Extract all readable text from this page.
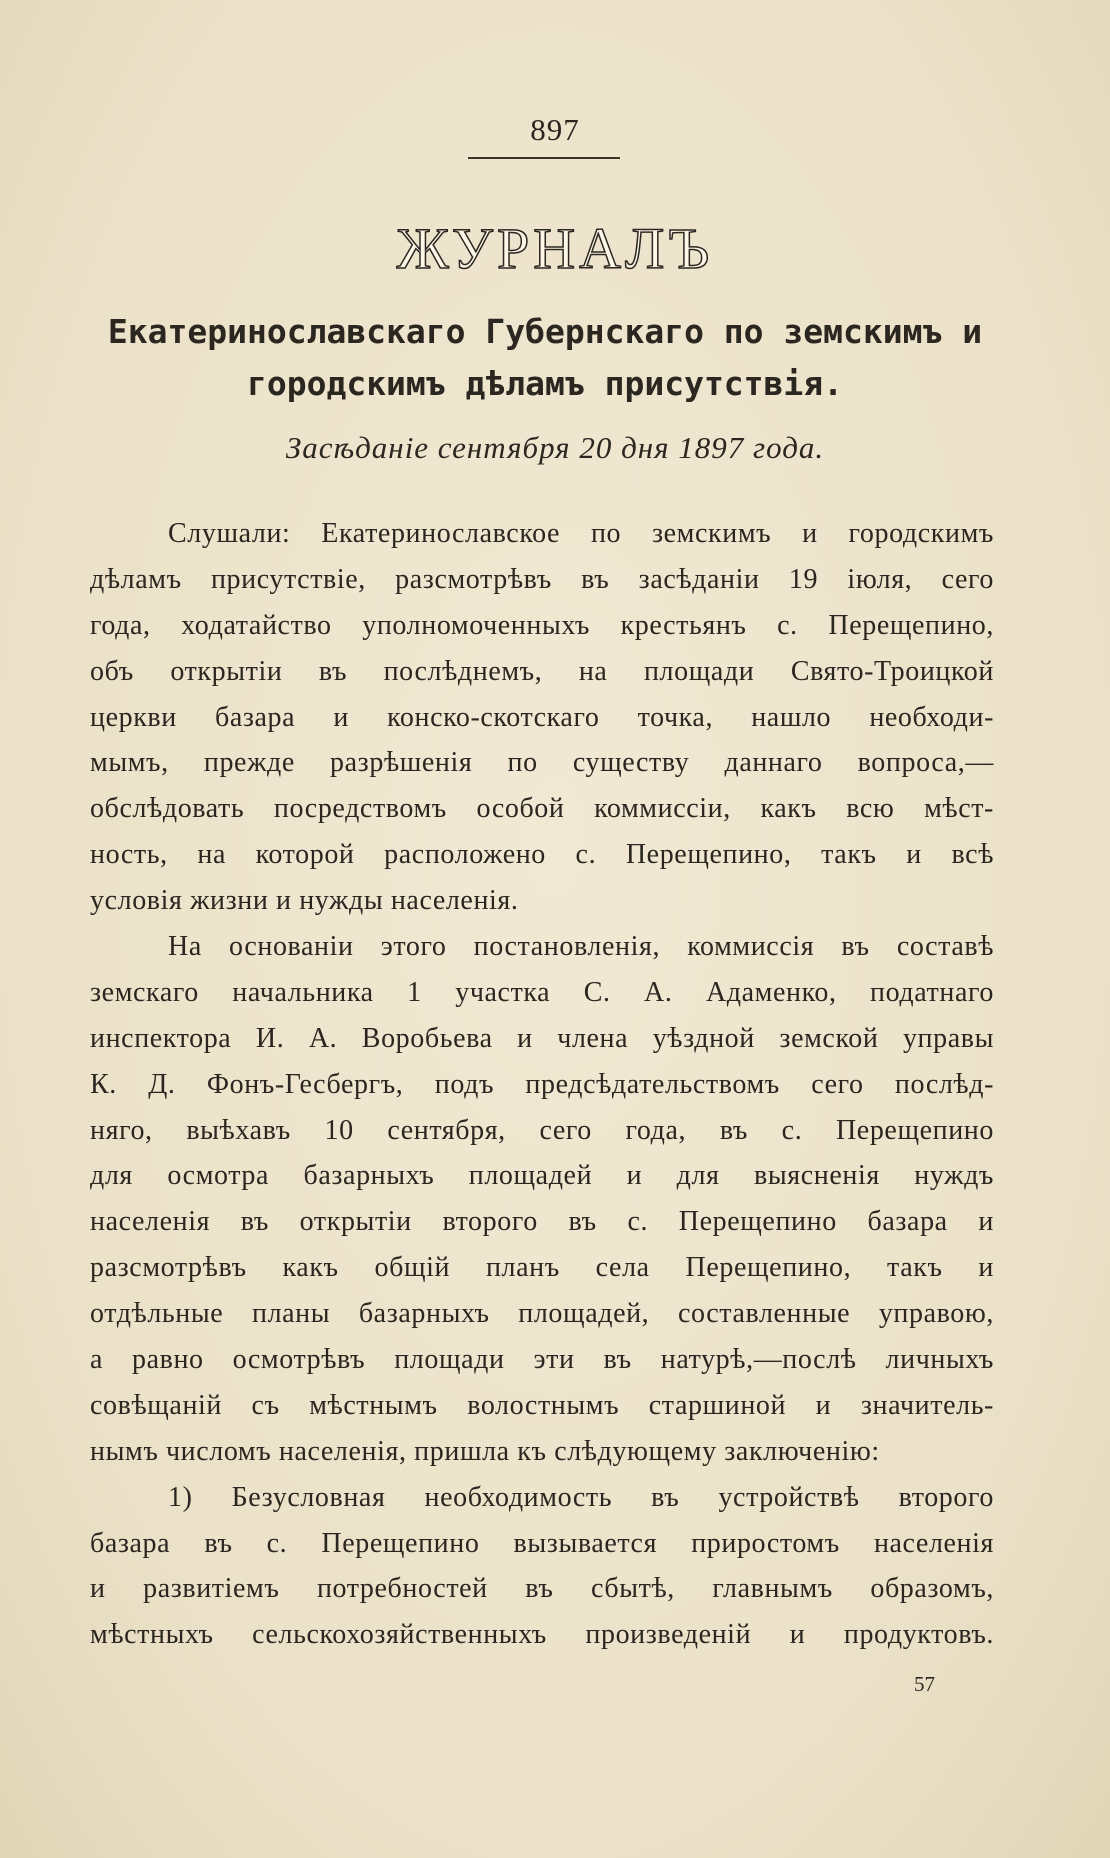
897

ЖУРНАЛЪ
Екатеринославскаго Губернскаго по земскимъ и
городскимъ дѣламъ присутствія.

Засѣданіе сентября 20 дня 1897 года.

Слушали: Екатеринославское по земскимъ и городскимъ
дѣламъ присутствіе, разсмотрѣвъ въ засѣданіи 19 іюля, сего
года, ходатайство уполномоченныхъ крестьянъ с. Перещепино,
объ открытіи въ послѣднемъ, на площади Свято-Троицкой
церкви базара и конско-скотскаго точка, нашло необходи-
мымъ, прежде разрѣшенія по существу даннаго вопроса,—
обслѣдовать посредствомъ особой коммиссіи, какъ всю мѣст-
ность, на которой расположено с. Перещепино, такъ и всѣ
условія жизни и нужды населенія.
На основаніи этого постановленія, коммиссія въ составѣ
земскаго начальника 1 участка С. А. Адаменко, податнаго
инспектора И. А. Воробьева и члена уѣздной земской управы
К. Д. Фонъ-Гесбергъ, подъ предсѣдательствомъ сего послѣд-
няго, выѣхавъ 10 сентября, сего года, въ с. Перещепино
для осмотра базарныхъ площадей и для выясненія нуждъ
населенія въ открытіи второго въ с. Перещепино базара и
разсмотрѣвъ какъ общій планъ села Перещепино, такъ и
отдѣльные планы базарныхъ площадей, составленные управою,
а равно осмотрѣвъ площади эти въ натурѣ,—послѣ личныхъ
совѣщаній съ мѣстнымъ волостнымъ старшиной и значитель-
нымъ числомъ населенія, пришла къ слѣдующему заключенію:
1) Безусловная необходимость въ устройствѣ второго
базара въ с. Перещепино вызывается приростомъ населенія
и развитіемъ потребностей въ сбытѣ, главнымъ образомъ,
мѣстныхъ сельскохозяйственныхъ произведеній и продуктовъ.

57
